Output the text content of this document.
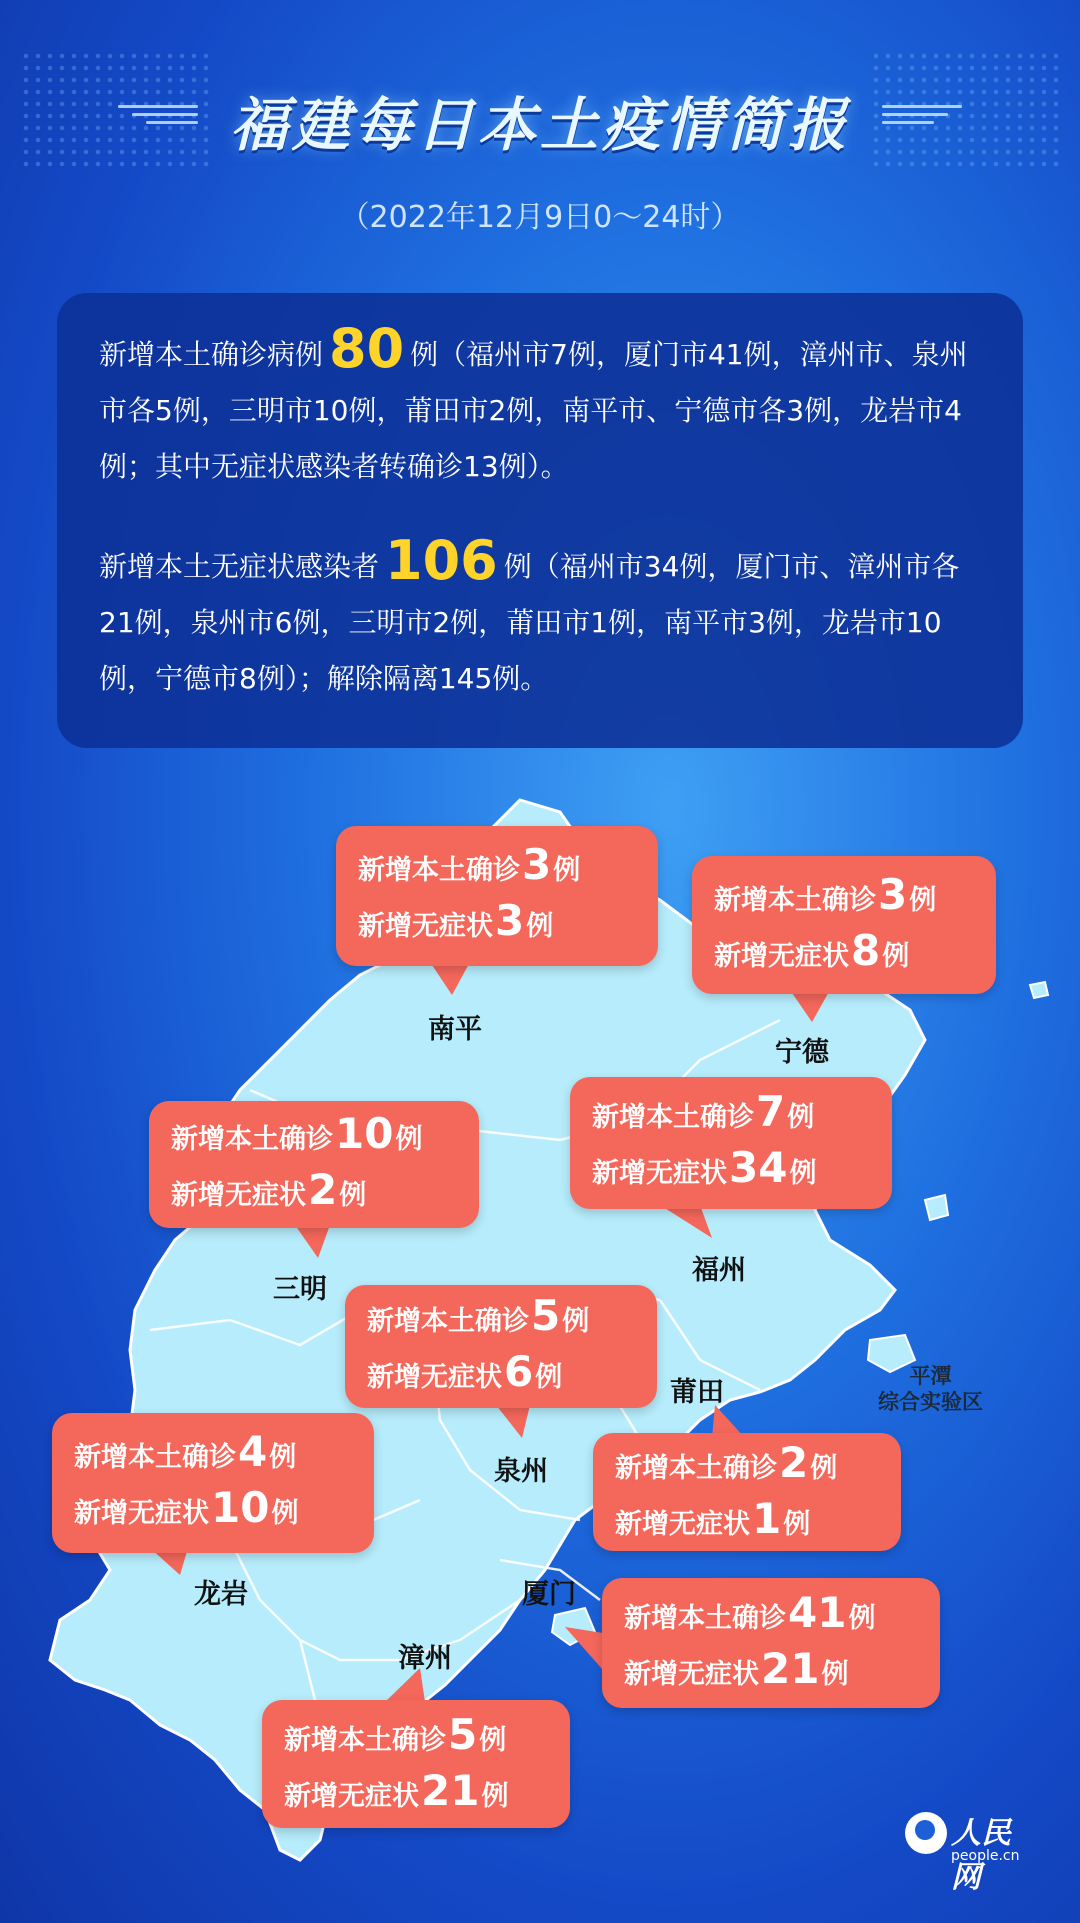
福建每日本土疫情简报
（2022年12月9日0～24时）
新增本土确诊病例 80 例（福州市7例，厦门市41例，漳州市、泉州市各5例，三明市10例，莆田市2例，南平市、宁德市各3例，龙岩市4例；其中无症状感染者转确诊13例）。
新增本土无症状感染者 106 例（福州市34例，厦门市、漳州市各21例，泉州市6例，三明市2例，莆田市1例，南平市3例，龙岩市10例，宁德市8例）；解除隔离145例。
南平
宁德
三明
福州
莆田
泉州
龙岩	厦门
漳州
平潭
综合实验区
新增本土确诊3例
新增无症状3例
新增本土确诊3例
新增无症状8例
新增本土确诊10例
新增无症状2例
新增本土确诊7例
新增无症状34例
新增本土确诊5例
新增无症状6例
新增本土确诊2例
新增无症状1例
新增本土确诊4例
新增无症状10例
新增本土确诊41例
新增无症状21例
新增本土确诊5例
新增无症状21例
人民网
people.cn
